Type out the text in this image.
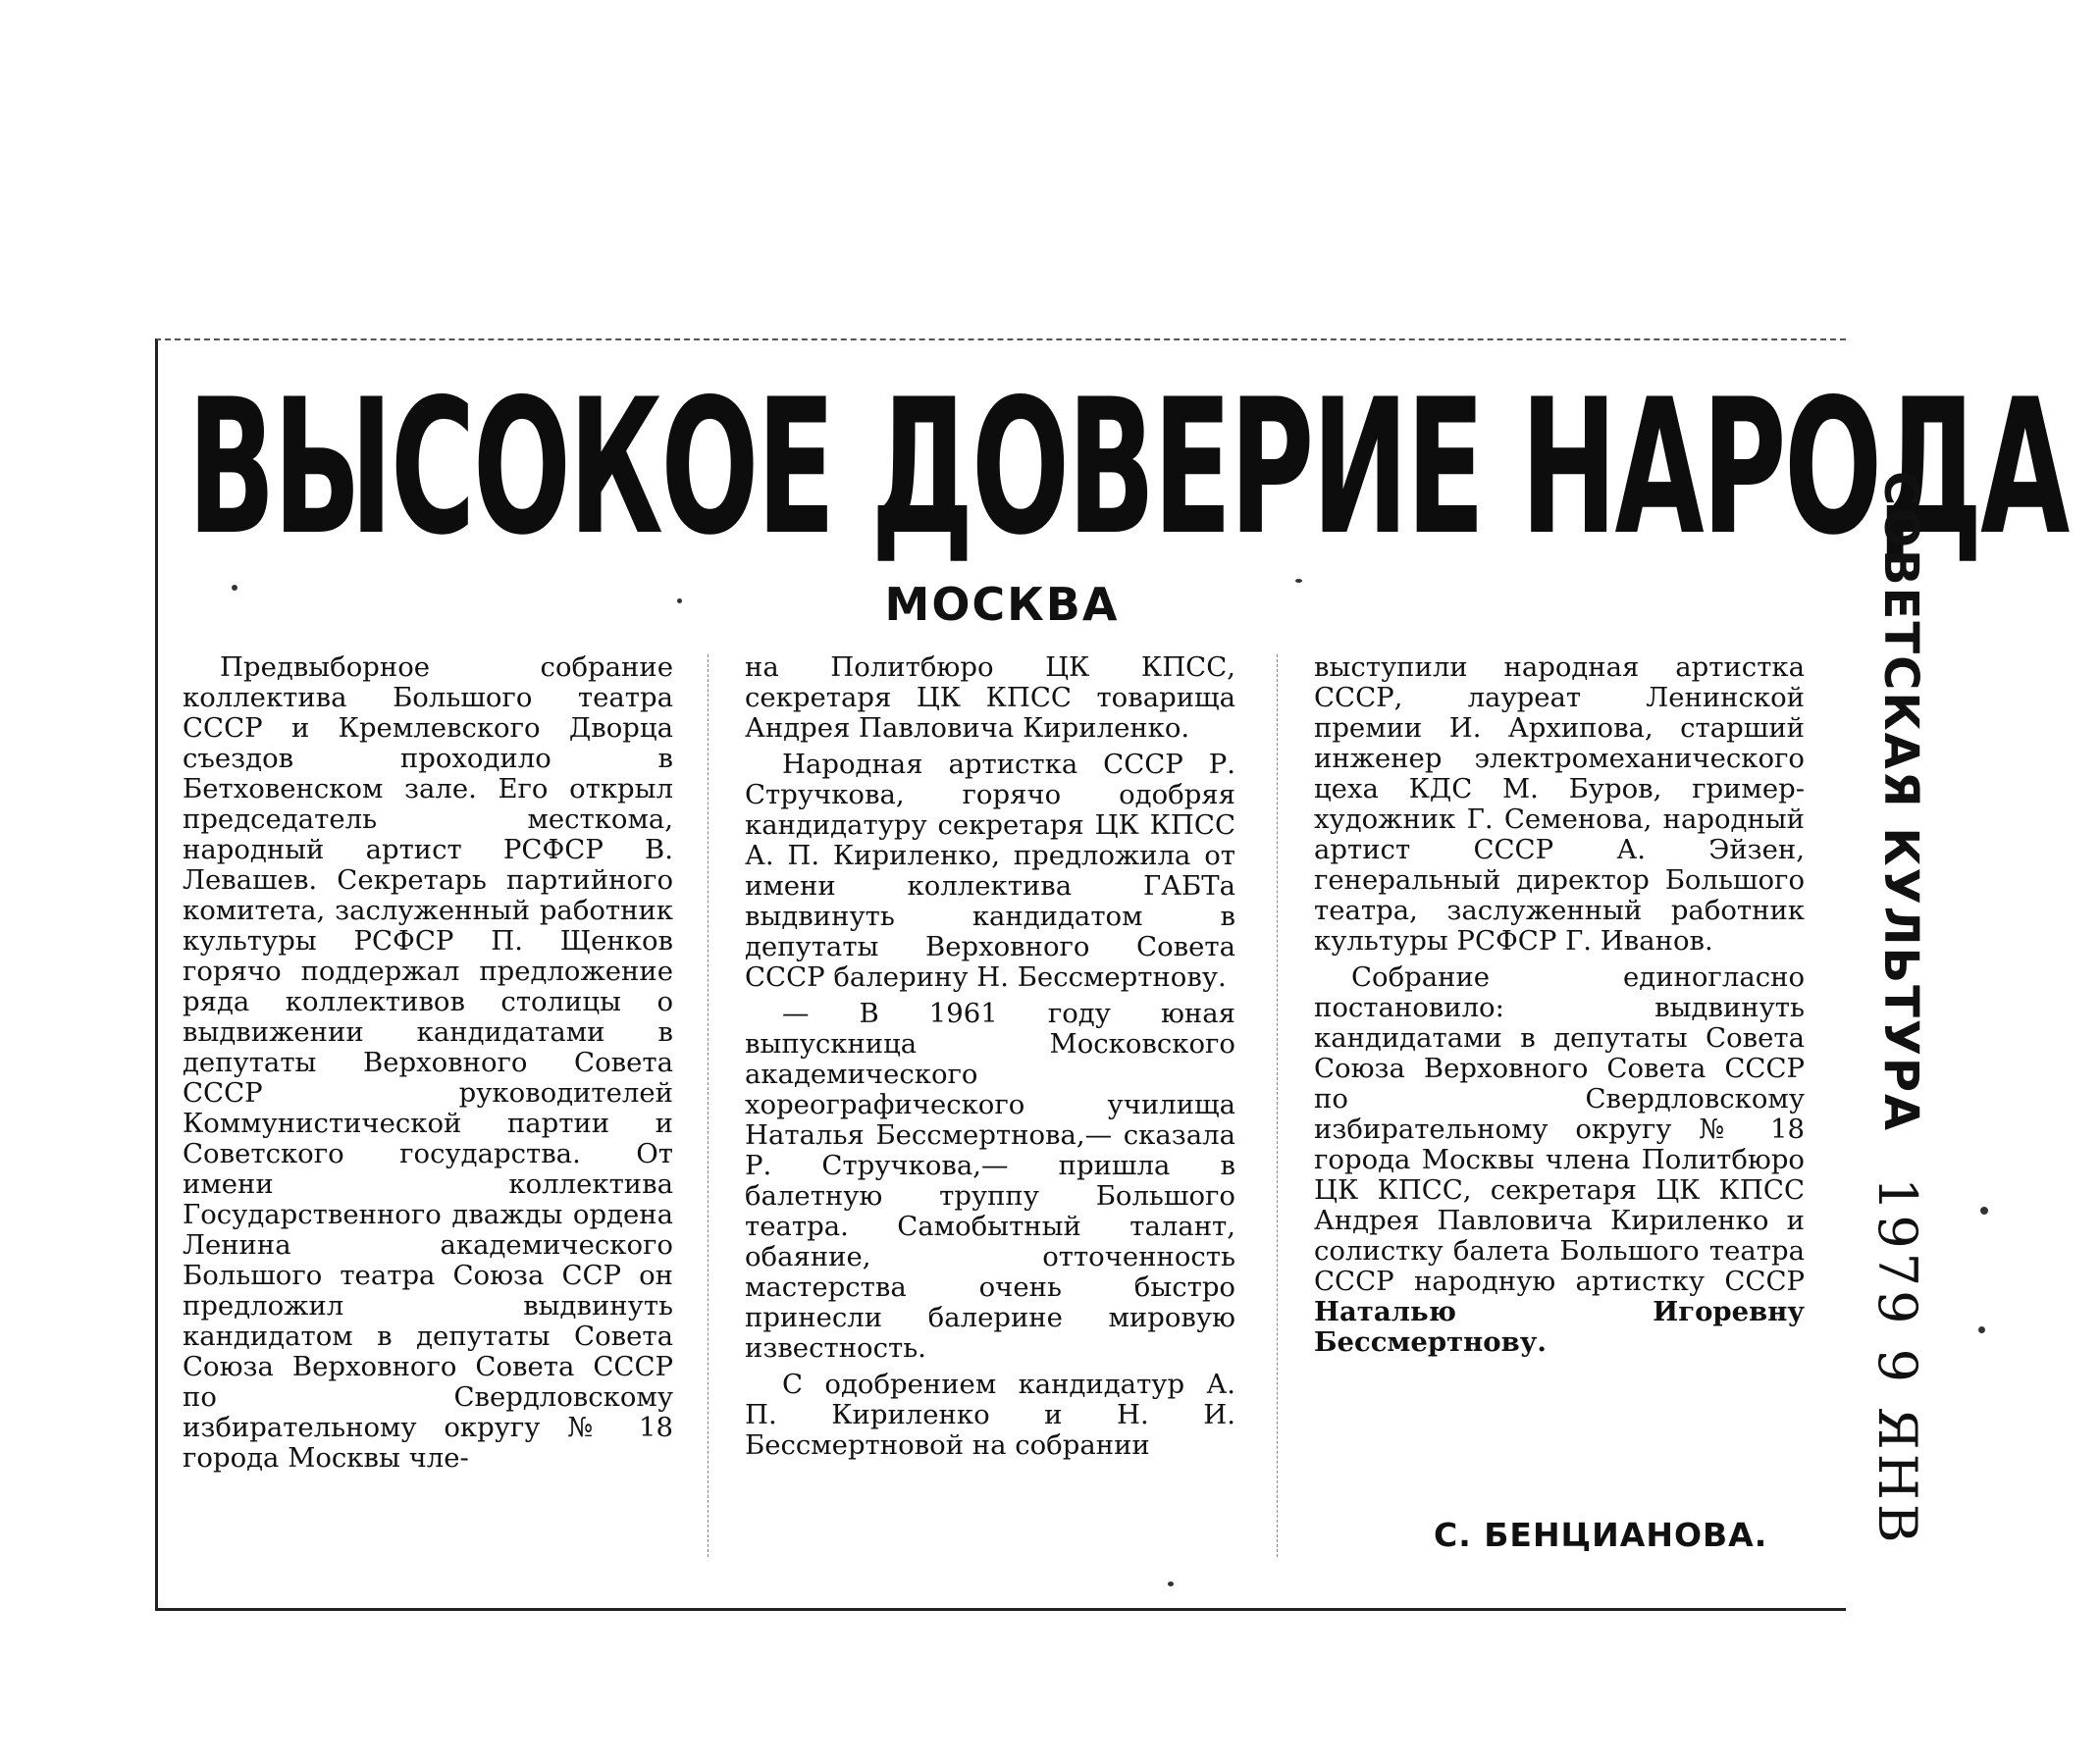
ВЫСОКОЕ ДОВЕРИЕ НАРОДА
МОСКВА

Предвыборное собрание коллектива Большого театра СССР и Кремлевского Дворца съездов проходило в Бетховенском зале. Его открыл председатель месткома, народный артист РСФСР В. Левашев. Секретарь партийного комитета, заслуженный работник культуры РСФСР П. Щенков горячо поддержал предложение ряда коллективов столицы о выдвижении кандидатами в депутаты Верховного Совета СССР руководителей Коммунистической партии и Советского государства. От имени коллектива Государственного дважды ордена Ленина академического Большого театра Союза ССР он предложил выдвинуть кандидатом в депутаты Совета Союза Верховного Совета СССР по Свердловскому избирательному округу № 18 города Москвы чле-

на Политбюро ЦК КПСС, секретаря ЦК КПСС товарища Андрея Павловича Кириленко.

Народная артистка СССР Р. Стручкова, горячо одобряя кандидатуру секретаря ЦК КПСС А. П. Кириленко, предложила от имени коллектива ГАБТа выдвинуть кандидатом в депутаты Верховного Совета СССР балерину Н. Бессмертнову.

— В 1961 году юная выпускница Московского академического хореографического училища Наталья Бессмертнова,— сказала Р. Стручкова,— пришла в балетную труппу Большого театра. Самобытный талант, обаяние, отточенность мастерства очень быстро принесли балерине мировую известность.

С одобрением кандидатур А. П. Кириленко и Н. И. Бессмертновой на собрании

выступили народная артистка СССР, лауреат Ленинской премии И. Архипова, старший инженер электромеханического цеха КДС М. Буров, гример-художник Г. Семенова, народный артист СССР А. Эйзен, генеральный директор Большого театра, заслуженный работник культуры РСФСР Г. Иванов.

Собрание единогласно постановило: выдвинуть кандидатами в депутаты Совета Союза Верховного Совета СССР по Свердловскому избирательному округу № 18 города Москвы члена Политбюро ЦК КПСС, секретаря ЦК КПСС Андрея Павловича Кириленко и солистку балета Большого театра СССР народную артистку СССР Наталью Игоревну Бессмертнову.

С. БЕНЦИАНОВА.
СОВЕТСКАЯ КУЛЬТУРА
1979 9 ЯНВ
